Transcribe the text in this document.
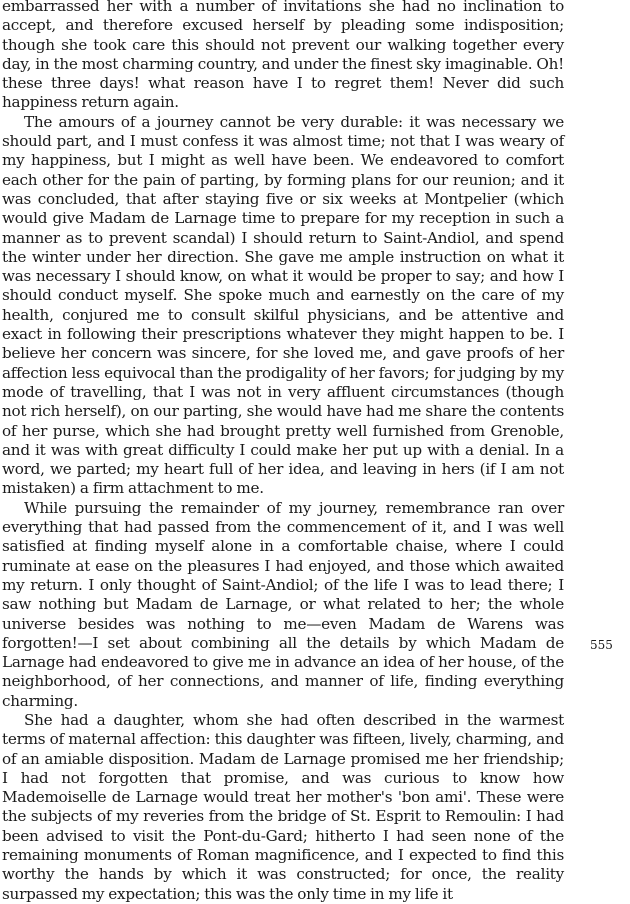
embarrassed her with a number of invitations she had no inclination to accept, and therefore excused herself by pleading some indisposition; though she took care this should not prevent our walking together every day, in the most charming country, and under the finest sky imaginable. Oh! these three days! what reason have I to regret them! Never did such happiness return again.

The amours of a journey cannot be very durable: it was necessary we should part, and I must confess it was almost time; not that I was weary of my happiness, but I might as well have been. We endeavored to comfort each other for the pain of parting, by forming plans for our reunion; and it was concluded, that after staying five or six weeks at Montpelier (which would give Madam de Larnage time to prepare for my reception in such a manner as to prevent scandal) I should return to Saint-Andiol, and spend the winter under her direction. She gave me ample instruction on what it was necessary I should know, on what it would be proper to say; and how I should conduct myself. She spoke much and earnestly on the care of my health, conjured me to consult skilful physicians, and be attentive and exact in following their prescriptions whatever they might happen to be. I believe her concern was sincere, for she loved me, and gave proofs of her affection less equivocal than the prodigality of her favors; for judging by my mode of travelling, that I was not in very affluent circumstances (though not rich herself), on our parting, she would have had me share the contents of her purse, which she had brought pretty well furnished from Grenoble, and it was with great difficulty I could make her put up with a denial. In a word, we parted; my heart full of her idea, and leaving in hers (if I am not mistaken) a firm attachment to me.

While pursuing the remainder of my journey, remembrance ran over everything that had passed from the commencement of it, and I was well satisfied at finding myself alone in a comfortable chaise, where I could ruminate at ease on the pleasures I had enjoyed, and those which awaited my return. I only thought of Saint-Andiol; of the life I was to lead there; I saw nothing but Madam de Larnage, or what related to her; the whole universe besides was nothing to me—even Madam de Warens was forgotten!—I set about combining all the details by which Madam de Larnage had endeavored to give me in advance an idea of her house, of the neighborhood, of her connections, and manner of life, finding everything charming.

She had a daughter, whom she had often described in the warmest terms of maternal affection: this daughter was fifteen, lively, charming, and of an amiable disposition. Madam de Larnage promised me her friendship; I had not forgotten that promise, and was curious to know how Mademoiselle de Larnage would treat her mother's 'bon ami'. These were the subjects of my reveries from the bridge of St. Esprit to Remoulin: I had been advised to visit the Pont-du-Gard; hitherto I had seen none of the remaining monuments of Roman magnificence, and I expected to find this worthy the hands by which it was constructed; for once, the reality surpassed my expectation; this was the only time in my life it

555
